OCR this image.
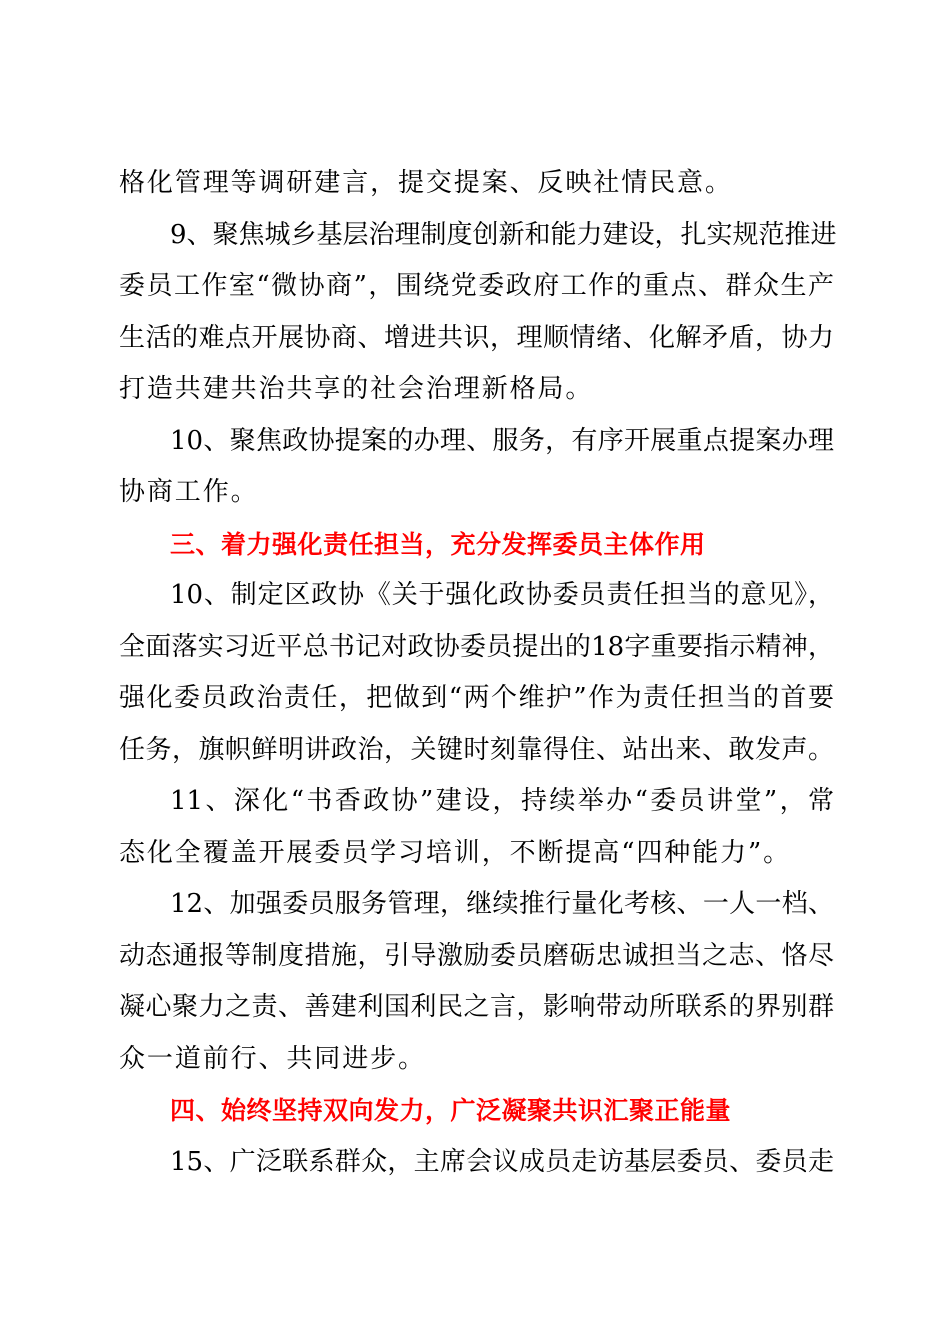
格化管理等调研建言，提交提案、反映社情民意。
9、聚焦城乡基层治理制度创新和能力建设，扎实规范推进
委员工作室“微协商”，围绕党委政府工作的重点、群众生产
生活的难点开展协商、增进共识，理顺情绪、化解矛盾，协力
打造共建共治共享的社会治理新格局。
10、聚焦政协提案的办理、服务，有序开展重点提案办理
协商工作。
三、着力强化责任担当，充分发挥委员主体作用
10、制定区政协《关于强化政协委员责任担当的意见》，
全面落实习近平总书记对政协委员提出的18字重要指示精神，
强化委员政治责任，把做到“两个维护”作为责任担当的首要
任务，旗帜鲜明讲政治，关键时刻靠得住、站出来、敢发声。
11、深化“书香政协”建设，持续举办“委员讲堂”，常
态化全覆盖开展委员学习培训，不断提高“四种能力”。
12、加强委员服务管理，继续推行量化考核、一人一档、
动态通报等制度措施，引导激励委员磨砺忠诚担当之志、恪尽
凝心聚力之责、善建利国利民之言，影响带动所联系的界别群
众一道前行、共同进步。
四、始终坚持双向发力，广泛凝聚共识汇聚正能量
15、广泛联系群众，主席会议成员走访基层委员、委员走
